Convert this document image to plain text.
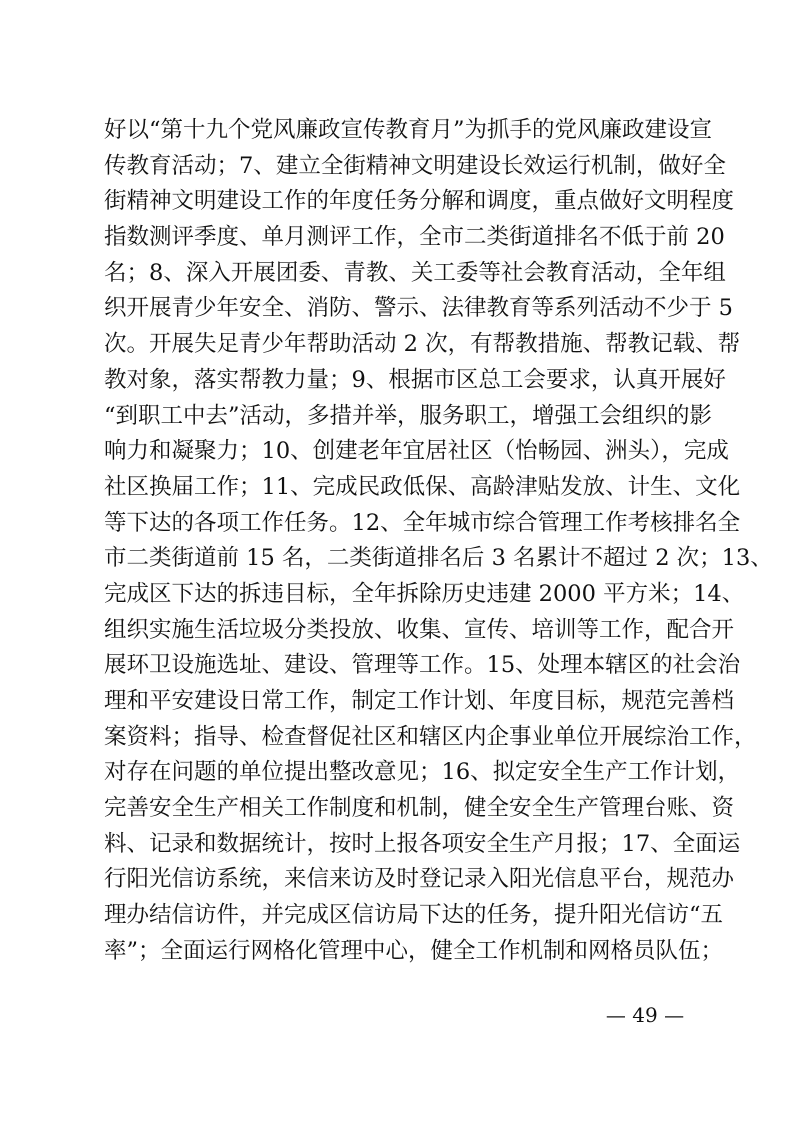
好以“第十九个党风廉政宣传教育月”为抓手的党风廉政建设宣
传教育活动；7、建立全街精神文明建设长效运行机制，做好全
街精神文明建设工作的年度任务分解和调度，重点做好文明程度
指数测评季度、单月测评工作，全市二类街道排名不低于前 20
名；8、深入开展团委、青教、关工委等社会教育活动，全年组
织开展青少年安全、消防、警示、法律教育等系列活动不少于 5
次。开展失足青少年帮助活动 2 次，有帮教措施、帮教记载、帮
教对象，落实帮教力量；9、根据市区总工会要求，认真开展好
“到职工中去”活动，多措并举，服务职工，增强工会组织的影
响力和凝聚力；10、创建老年宜居社区（怡畅园、洲头），完成
社区换届工作；11、完成民政低保、高龄津贴发放、计生、文化
等下达的各项工作任务。12、全年城市综合管理工作考核排名全
市二类街道前 15 名，二类街道排名后 3 名累计不超过 2 次；13、
完成区下达的拆违目标，全年拆除历史违建 2000 平方米；14、
组织实施生活垃圾分类投放、收集、宣传、培训等工作，配合开
展环卫设施选址、建设、管理等工作。15、处理本辖区的社会治
理和平安建设日常工作，制定工作计划、年度目标，规范完善档
案资料；指导、检查督促社区和辖区内企事业单位开展综治工作，
对存在问题的单位提出整改意见；16、拟定安全生产工作计划，
完善安全生产相关工作制度和机制，健全安全生产管理台账、资
料、记录和数据统计，按时上报各项安全生产月报；17、全面运
行阳光信访系统，来信来访及时登记录入阳光信息平台，规范办
理办结信访件，并完成区信访局下达的任务，提升阳光信访“五
率”；全面运行网格化管理中心，健全工作机制和网格员队伍；
— 49 —
